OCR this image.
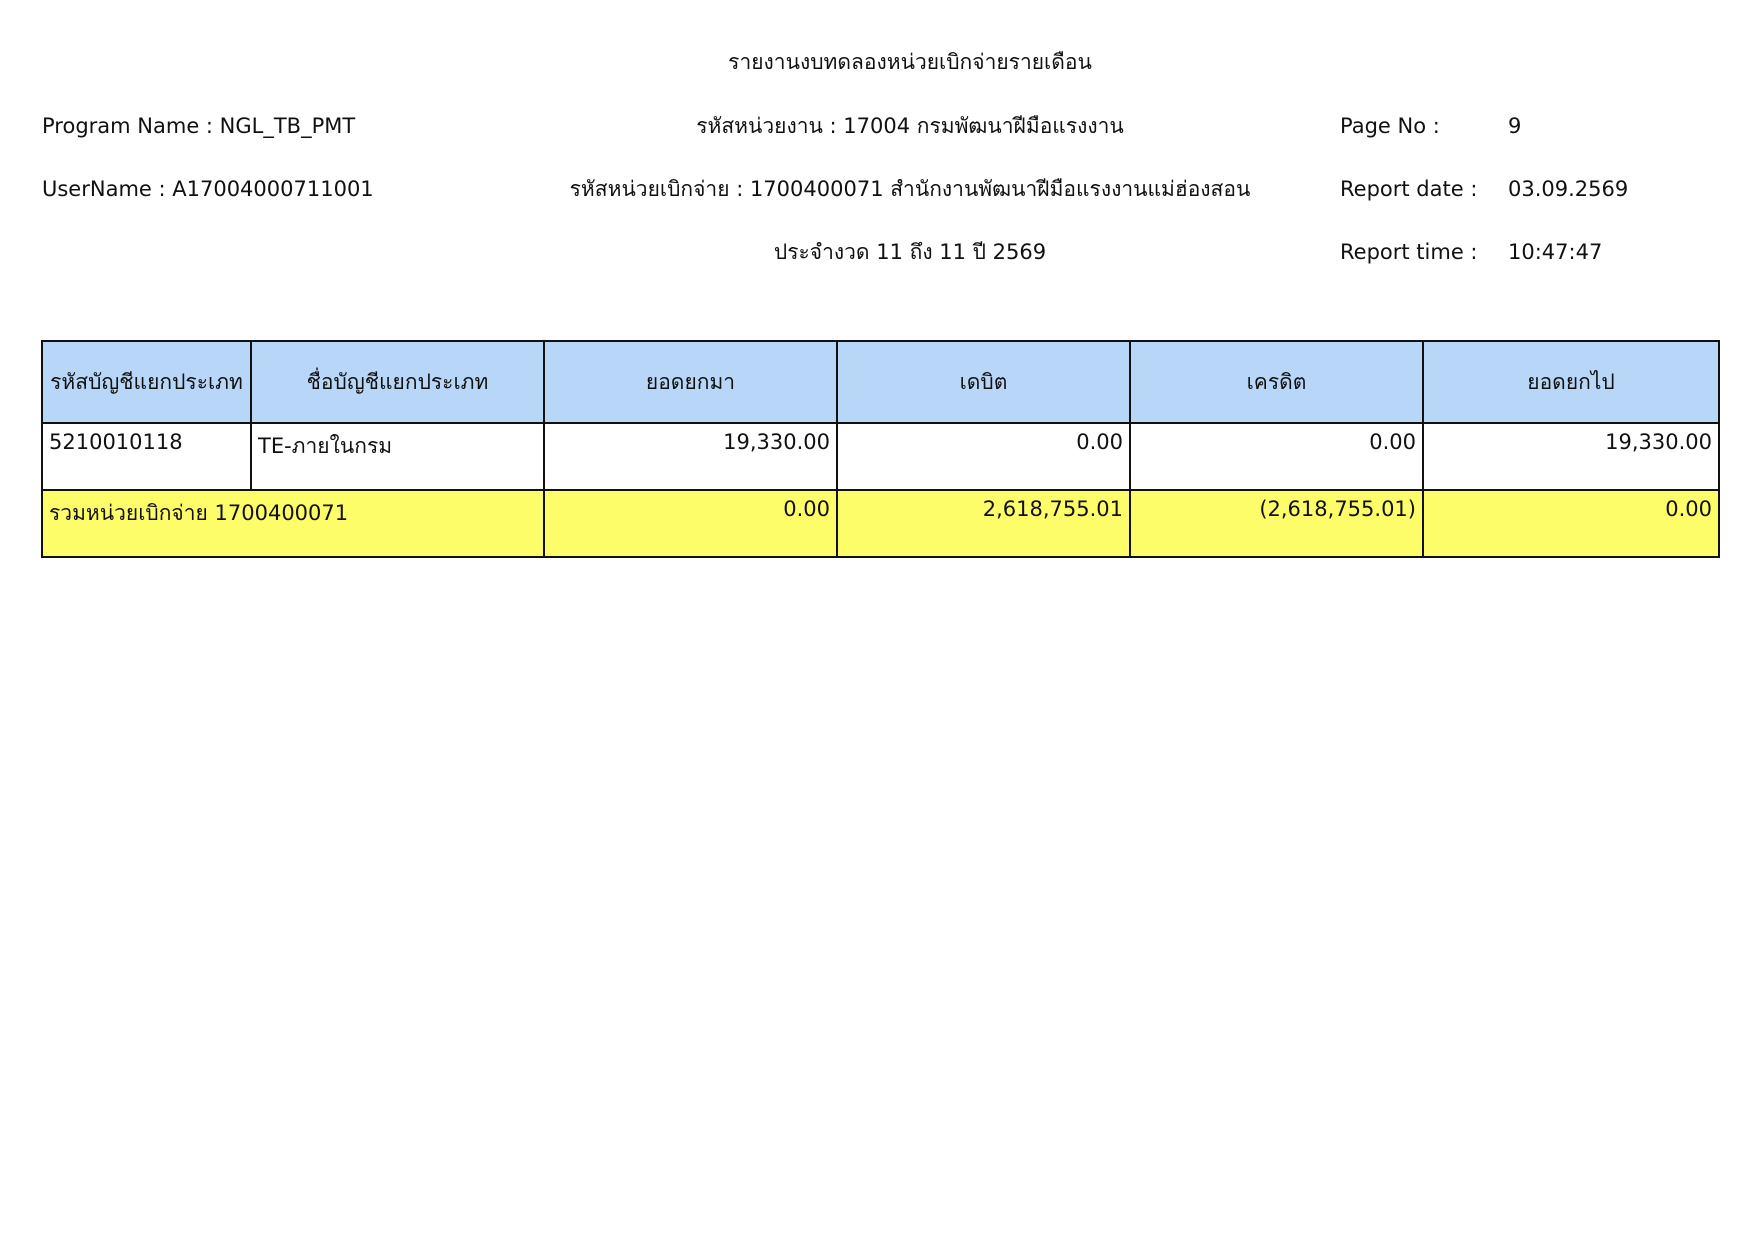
รายงานงบทดลองหน่วยเบิกจ่ายรายเดือน
Program Name : NGL_TB_PMT	รหัสหน่วยงาน : 17004 กรมพัฒนาฝีมือแรงงาน	Page No :	9
UserName : A17004000711001	รหัสหน่วยเบิกจ่าย : 1700400071 สำนักงานพัฒนาฝีมือแรงงานแม่ฮ่องสอน	Report date : 03.09.2569
ประจำงวด 11 ถึง 11 ปี 2569	Report time : 10:47:47
รหัสบัญชีแยกประเภท	ชื่อบัญชีแยกประเภท	ยอดยกมา	เดบิต	เครดิต	ยอดยกไป
5210010118	TE-ภายในกรม	19,330.00	0.00	0.00	19,330.00
รวมหน่วยเบิกจ่าย 1700400071		0.00	2,618,755.01	(2,618,755.01)	0.00
